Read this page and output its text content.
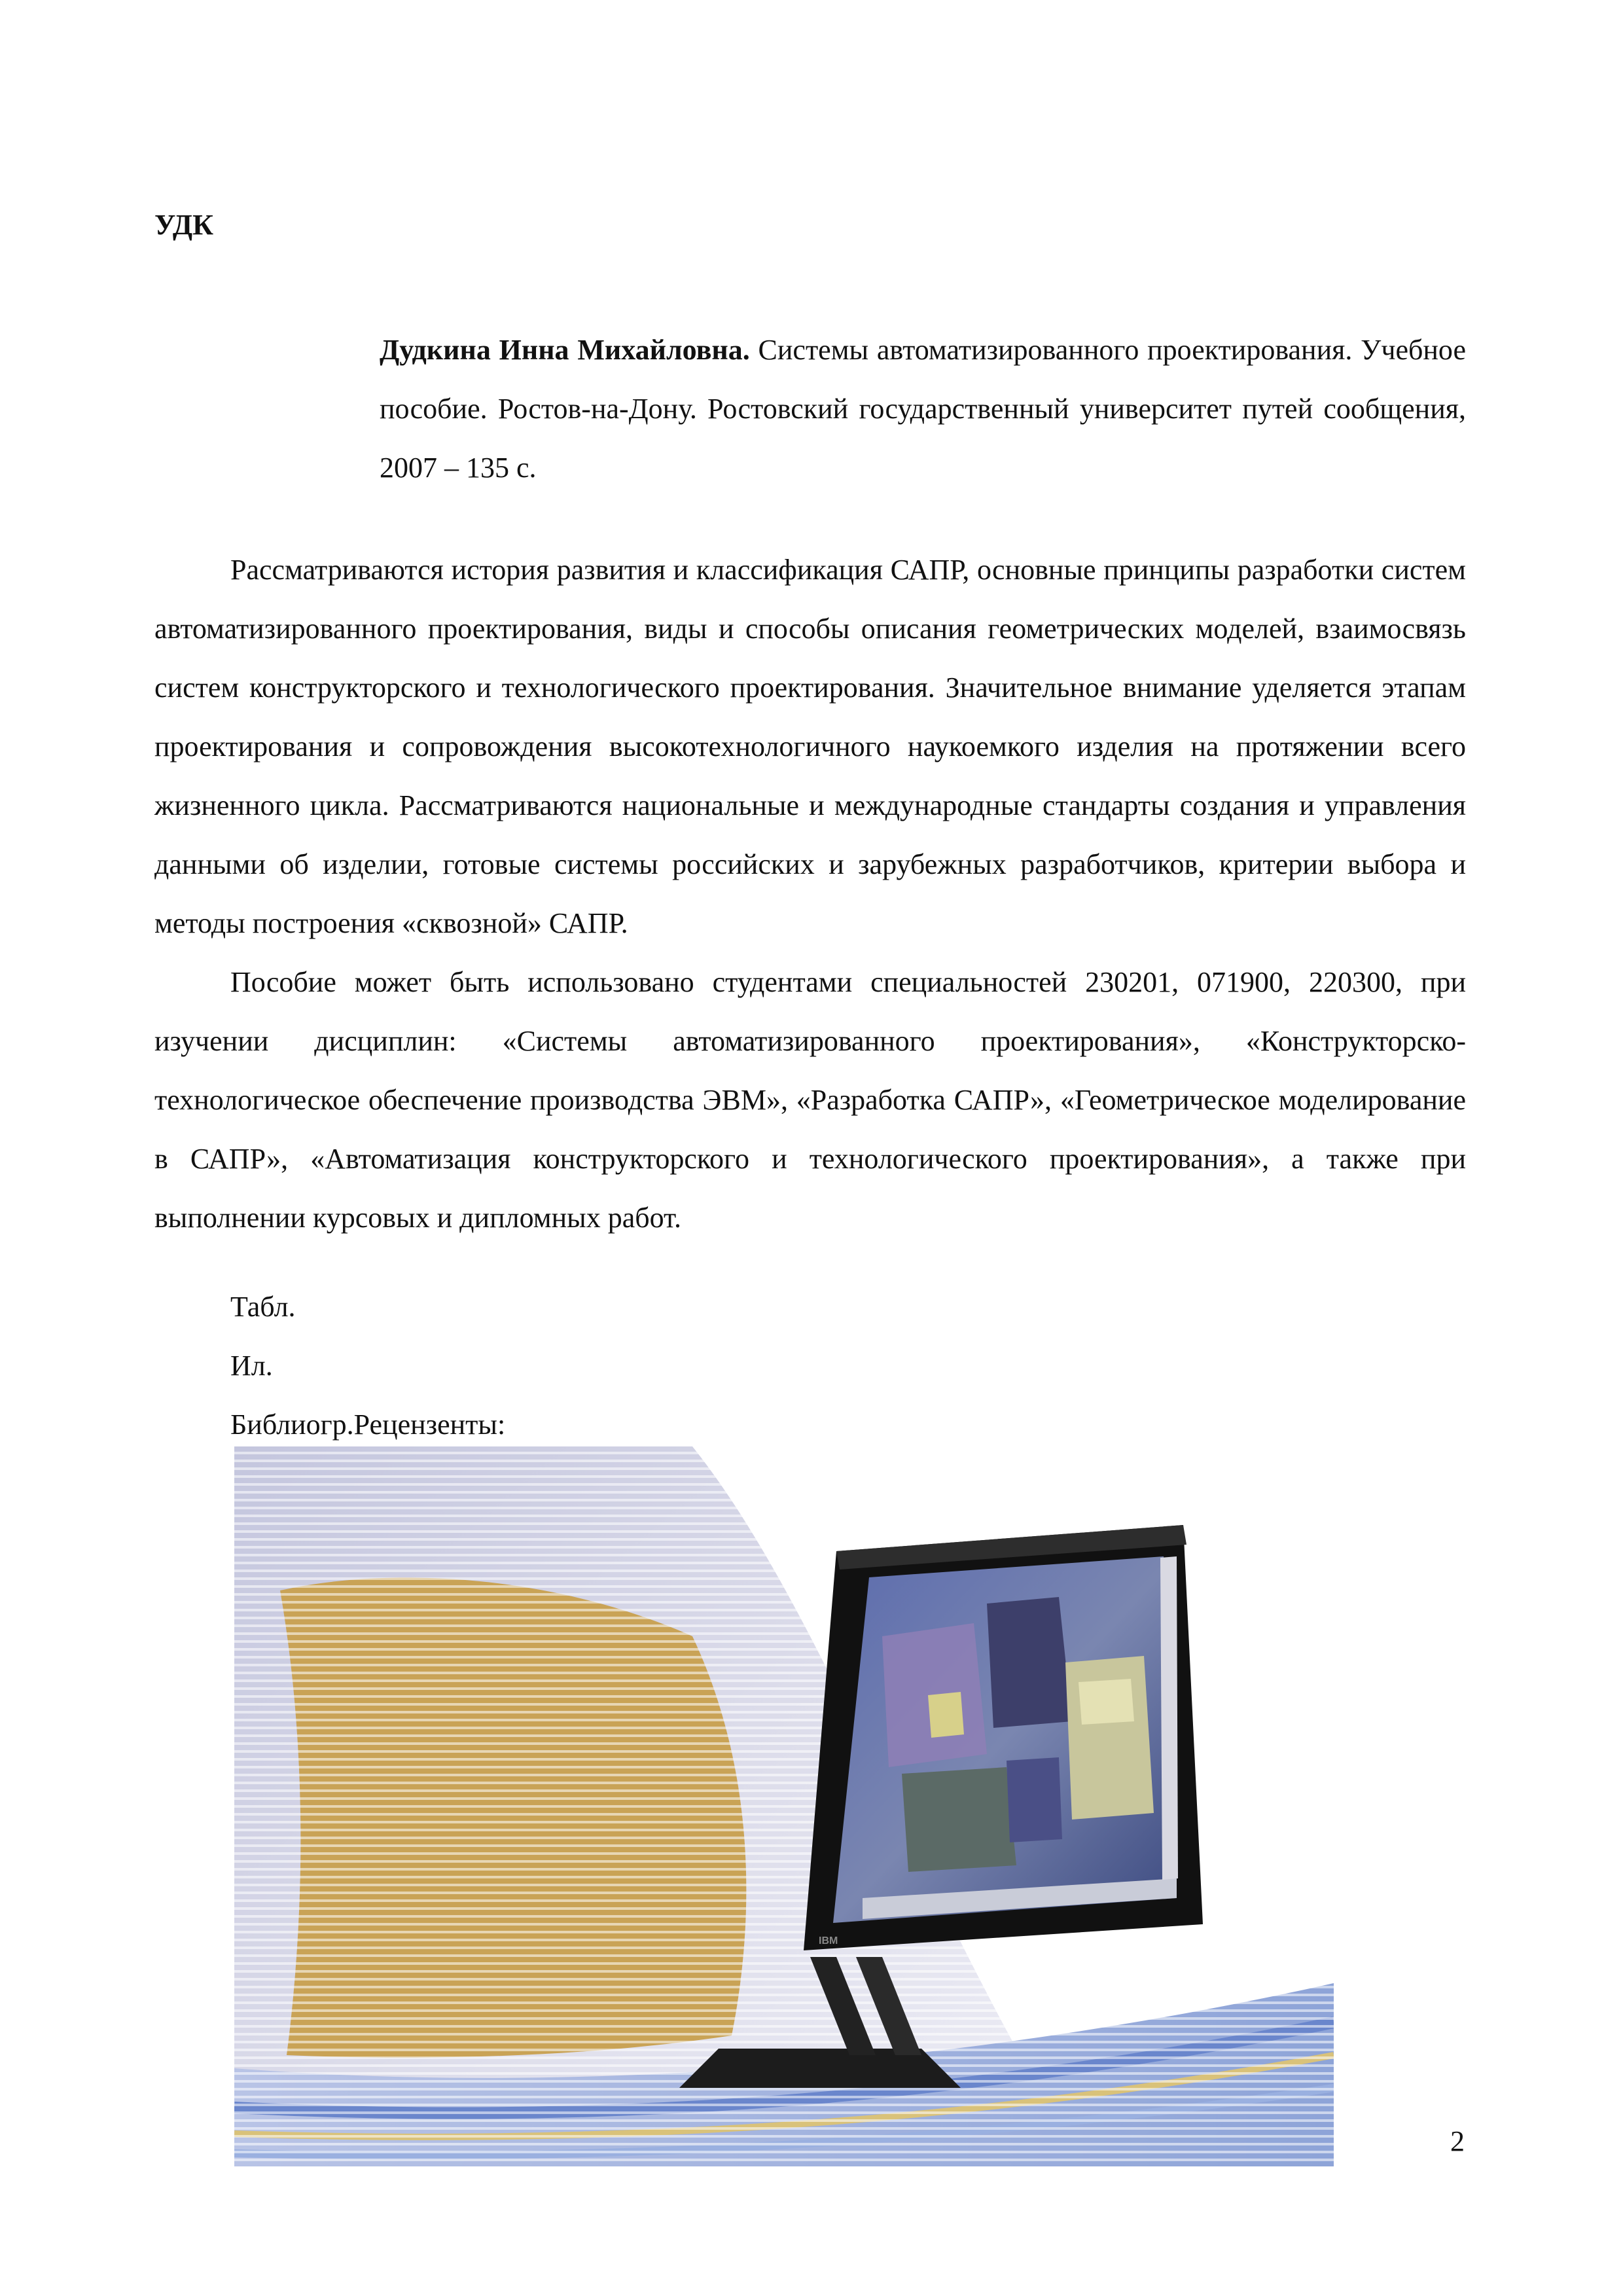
УДК
Дудкина Инна Михайловна. Системы автоматизированного проектирования. Учебное пособие. Ростов-на-Дону. Ростовский государственный университет путей сообщения, 2007 – 135 с.

Рассматриваются история развития и классификация САПР, основные принципы разработки систем автоматизированного проектирования, виды и способы описания геометрических моделей, взаимосвязь систем конструкторского и технологического проектирования. Значительное внимание уделяется этапам проектирования и сопровождения высокотехнологичного наукоемкого изделия на протяжении всего жизненного цикла. Рассматриваются национальные и международные стандарты создания и управления данными об изделии, готовые системы российских и зарубежных разработчиков, критерии выбора и методы построения «сквозной» САПР.

Пособие может быть использовано студентами специальностей 230201, 071900, 220300, при изучении дисциплин: «Системы автоматизированного проектирования», «Конструкторско-технологическое обеспечение производства ЭВМ», «Разработка САПР», «Геометрическое моделирование в САПР», «Автоматизация конструкторского и технологического проектирования», а также при выполнении курсовых и дипломных работ.

Табл.
Ил.
Библиогр.Рецензенты:
IBM
2
